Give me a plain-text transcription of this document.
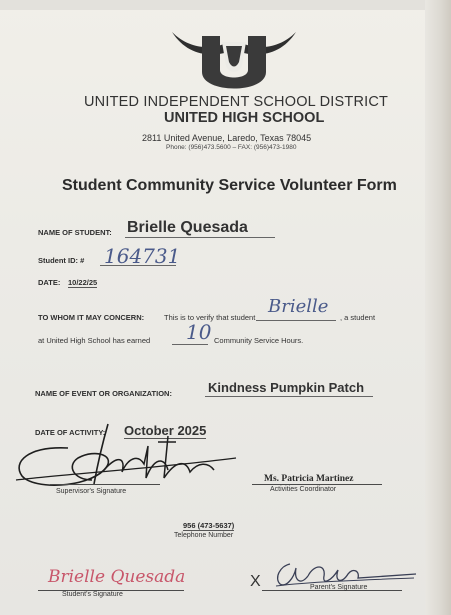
U
UNITED INDEPENDENT SCHOOL DISTRICT
UNITED HIGH SCHOOL
2811 United Avenue, Laredo, Texas 78045
Phone: (956)473.5600 – FAX: (956)473-1980
Student Community Service Volunteer Form
NAME OF STUDENT: Brielle Quesada
Student ID: # 164731
DATE: 10/22/25
TO WHOM IT MAY CONCERN:	This is to verify that student
Brielle
, a student
at United High School has earned 10 Community Service Hours.
NAME OF EVENT OR ORGANIZATION:	Kindness Pumpkin Patch
DATE OF ACTIVITY: October 2025
Supervisor's Signature
Ms. Patricia Martinez
Activities Coordinator
956 (473-5637)
Telephone Number
Brielle Quesada
Student's Signature
X	Parent's Signature
